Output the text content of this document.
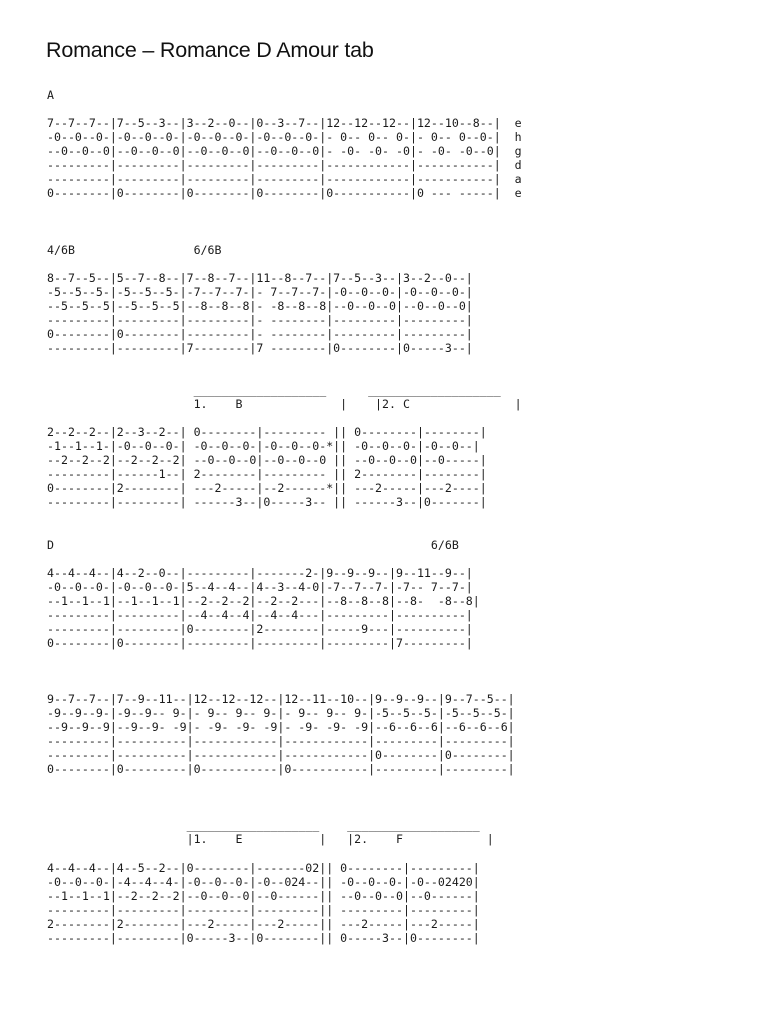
Romance – Romance D Amour tab
A

7--7--7--|7--5--3--|3--2--0--|0--3--7--|12--12--12--|12--10--8--|  e
-0--0--0-|-0--0--0-|-0--0--0-|-0--0--0-|- 0-- 0-- 0-|- 0-- 0--0-|  h
--0--0--0|--0--0--0|--0--0--0|--0--0--0|- -0- -0- -0|- -0- -0--0|  g
---------|---------|---------|---------|------------|-----------|  d
---------|---------|---------|---------|------------|-----------|  a
0--------|0--------|0--------|0--------|0-----------|0 --- -----|  e

4/6B                 6/6B

8--7--5--|5--7--8--|7--8--7--|11--8--7--|7--5--3--|3--2--0--|
-5--5--5-|-5--5--5-|-7--7--7-|- 7--7--7-|-0--0--0-|-0--0--0-|
--5--5--5|--5--5--5|--8--8--8|- -8--8--8|--0--0--0|--0--0--0|
---------|---------|---------|- --------|---------|---------|
0--------|0--------|---------|- --------|---------|---------|
---------|---------|7--------|7 --------|0--------|0-----3--|

___________________      ___________________
1.    B              |    |2. C               |

2--2--2--|2--3--2--| 0--------|--------- || 0--------|--------|
-1--1--1-|-0--0--0-| -0--0--0-|-0--0--0-*|| -0--0--0-|-0--0--|
--2--2--2|--2--2--2| --0--0--0|--0--0--0 || --0--0--0|--0-----|
---------|------1--| 2--------|--------- || 2--------|--------|
0--------|2--------| ---2-----|--2------*|| ---2-----|---2----|
---------|---------| ------3--|0-----3-- || ------3--|0-------|

D                                                      6/6B

4--4--4--|4--2--0--|---------|-------2-|9--9--9--|9--11--9--|
-0--0--0-|-0--0--0-|5--4--4--|4--3--4-0|-7--7--7-|-7-- 7--7-|
--1--1--1|--1--1--1|--2--2--2|--2--2---|--8--8--8|--8-  -8--8|
---------|---------|--4--4--4|--4--4---|---------|----------|
---------|---------|0--------|2--------|-----9---|----------|
0--------|0--------|---------|---------|---------|7---------|

9--7--7--|7--9--11--|12--12--12--|12--11--10--|9--9--9--|9--7--5--|
-9--9--9-|-9--9-- 9-|- 9-- 9-- 9-|- 9-- 9-- 9-|-5--5--5-|-5--5--5-|
--9--9--9|--9--9- -9|- -9- -9- -9|- -9- -9- -9|--6--6--6|--6--6--6|
---------|----------|------------|------------|---------|---------|
---------|----------|------------|------------|0--------|0--------|
0--------|0---------|0-----------|0-----------|---------|---------|

___________________    ___________________
|1.    E           |   |2.    F            |

4--4--4--|4--5--2--|0--------|-------02|| 0--------|---------|
-0--0--0-|-4--4--4-|-0--0--0-|-0--024--|| -0--0--0-|-0--02420|
--1--1--1|--2--2--2|--0--0--0|--0------|| --0--0--0|--0------|
---------|---------|---------|---------|| ---------|---------|
2--------|2--------|---2-----|---2-----|| ---2-----|---2-----|
---------|---------|0-----3--|0--------|| 0-----3--|0--------|
